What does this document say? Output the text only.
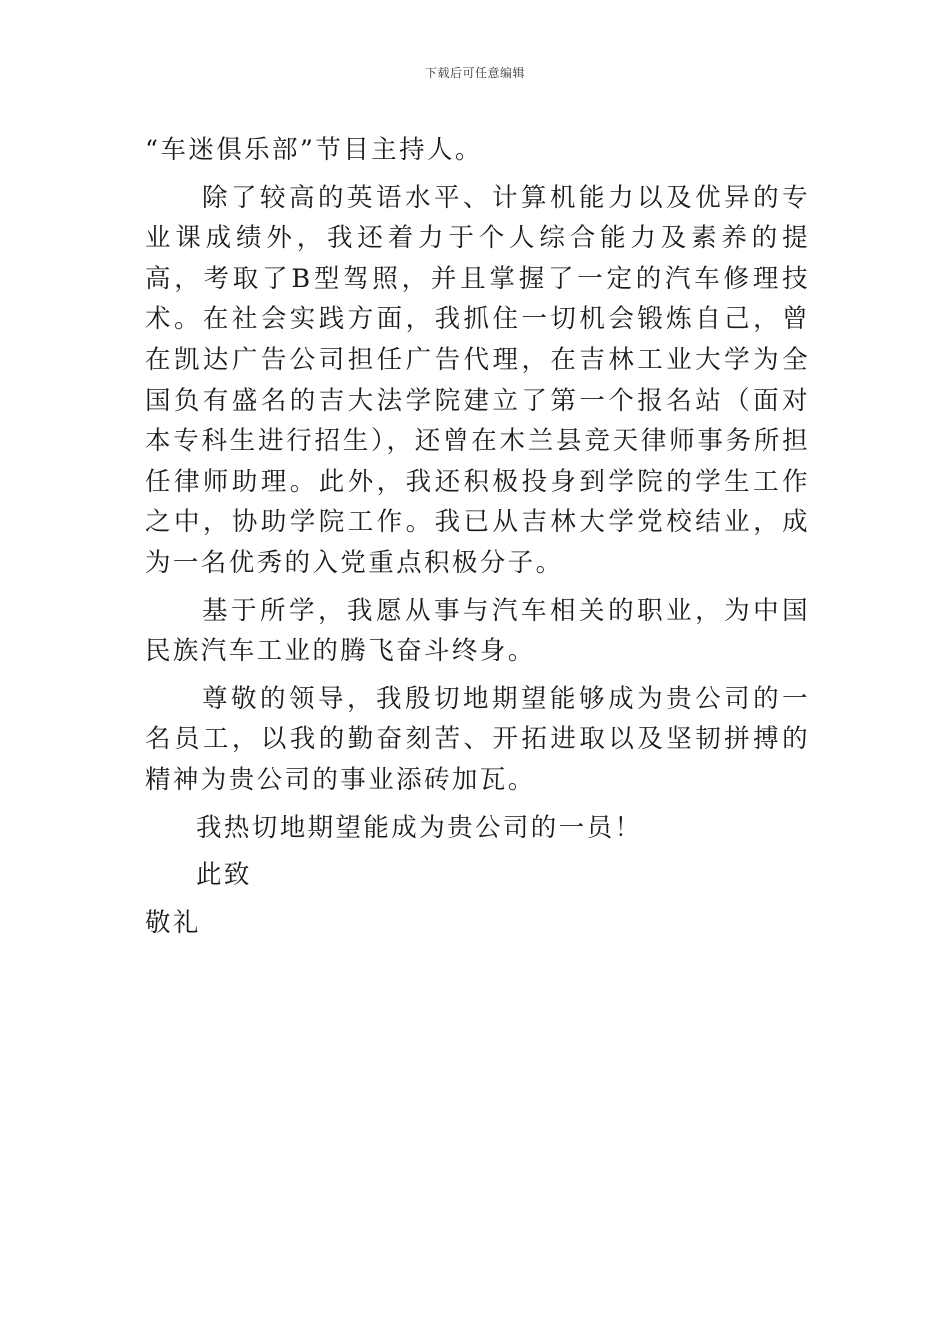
下载后可任意编辑

“车迷俱乐部”节目主持人。

除了较高的英语水平、计算机能力以及优异的专业课成绩外，我还着力于个人综合能力及素养的提高，考取了B型驾照，并且掌握了一定的汽车修理技术。在社会实践方面，我抓住一切机会锻炼自己，曾在凯达广告公司担任广告代理，在吉林工业大学为全国负有盛名的吉大法学院建立了第一个报名站（面对本专科生进行招生），还曾在木兰县竞天律师事务所担任律师助理。此外，我还积极投身到学院的学生工作之中，协助学院工作。我已从吉林大学党校结业，成为一名优秀的入党重点积极分子。

基于所学，我愿从事与汽车相关的职业，为中国民族汽车工业的腾飞奋斗终身。

尊敬的领导，我殷切地期望能够成为贵公司的一名员工，以我的勤奋刻苦、开拓进取以及坚韧拼搏的精神为贵公司的事业添砖加瓦。

我热切地期望能成为贵公司的一员！

此致

敬礼
